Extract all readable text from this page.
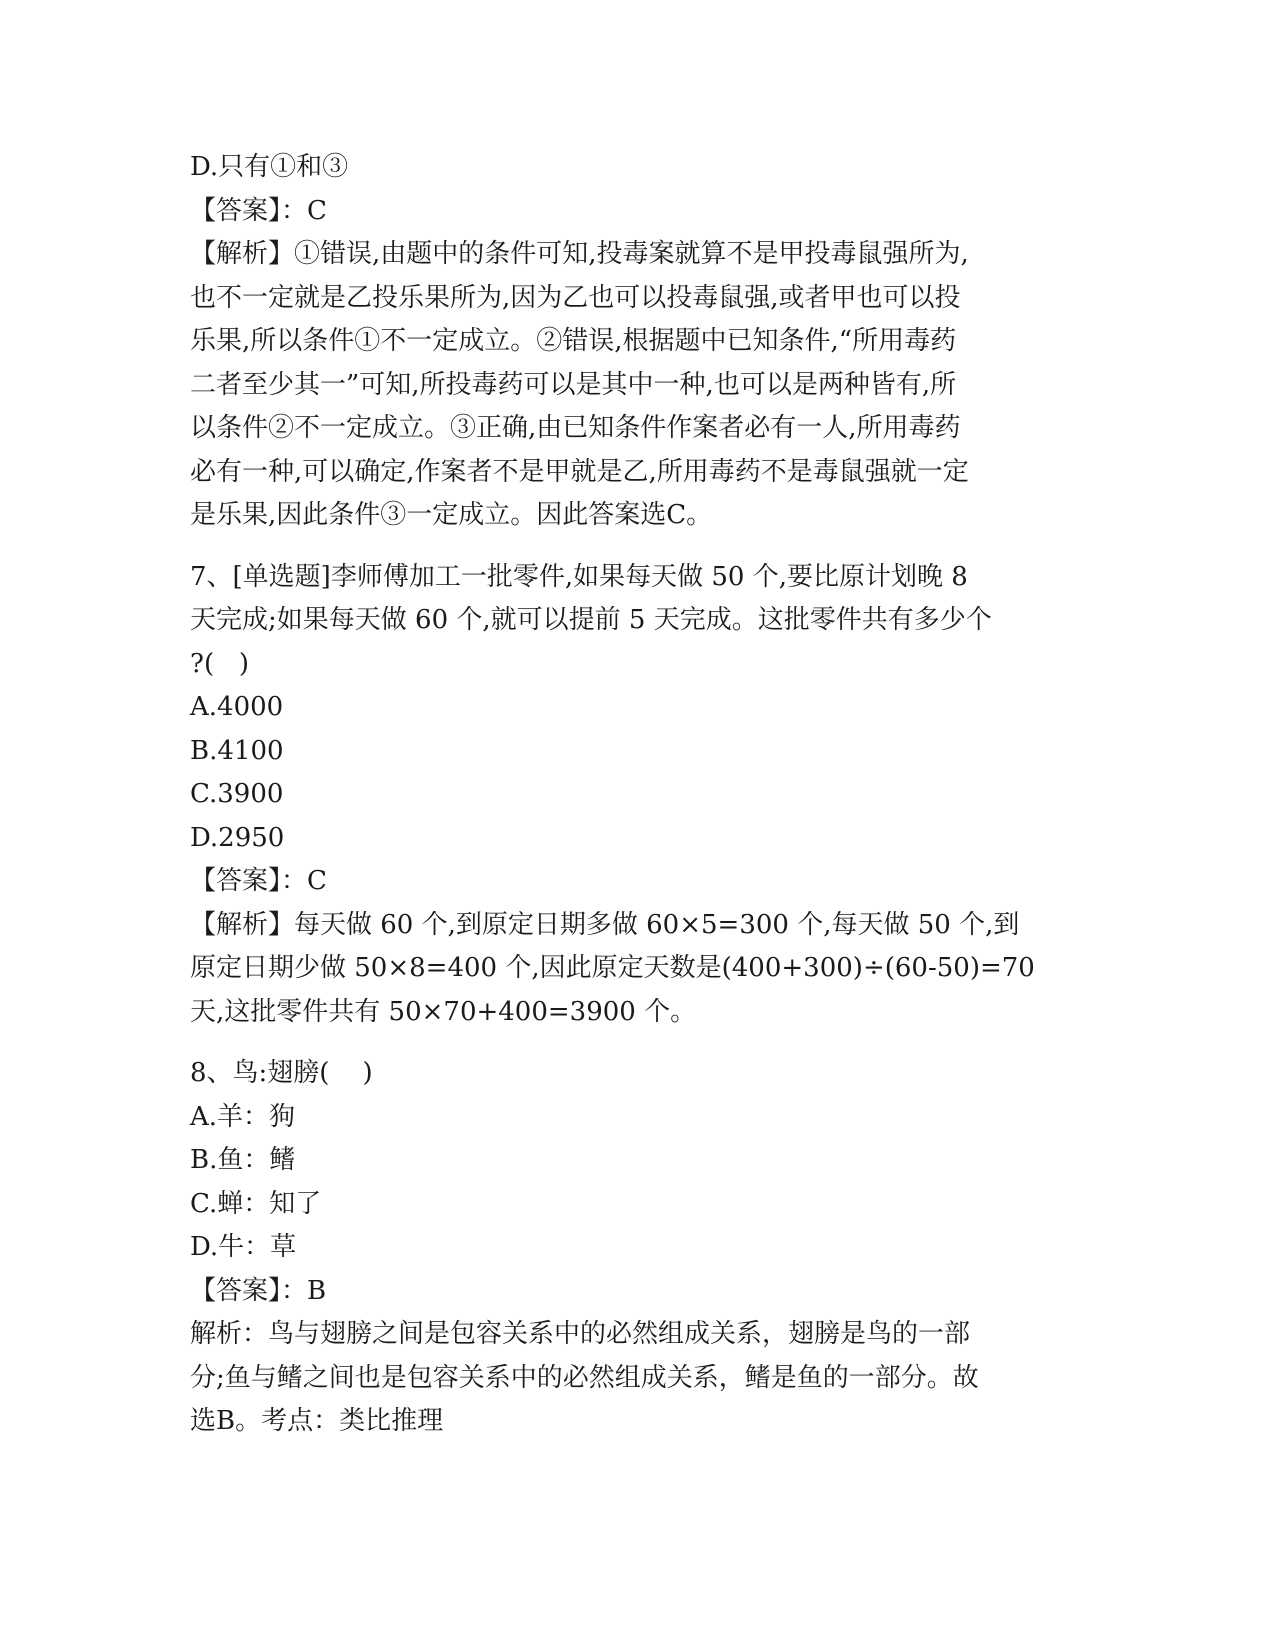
D.只有①和③
【答案】：C
【解析】①错误,由题中的条件可知,投毒案就算不是甲投毒鼠强所为,
也不一定就是乙投乐果所为,因为乙也可以投毒鼠强,或者甲也可以投
乐果,所以条件①不一定成立。②错误,根据题中已知条件,“所用毒药
二者至少其一”可知,所投毒药可以是其中一种,也可以是两种皆有,所
以条件②不一定成立。③正确,由已知条件作案者必有一人,所用毒药
必有一种,可以确定,作案者不是甲就是乙,所用毒药不是毒鼠强就一定
是乐果,因此条件③一定成立。因此答案选C。
7、[单选题]李师傅加工一批零件,如果每天做 50 个,要比原计划晚 8
天完成;如果每天做 60 个,就可以提前 5 天完成。这批零件共有多少个
?(   )
A.4000
B.4100
C.3900
D.2950
【答案】：C
【解析】每天做 60 个,到原定日期多做 60×5=300 个,每天做 50 个,到
原定日期少做 50×8=400 个,因此原定天数是(400+300)÷(60-50)=70
天,这批零件共有 50×70+400=3900 个。
8、鸟:翅膀(    )
A.羊：狗
B.鱼：鳍
C.蝉：知了
D.牛：草
【答案】：B
解析：鸟与翅膀之间是包容关系中的必然组成关系，翅膀是鸟的一部
分;鱼与鳍之间也是包容关系中的必然组成关系，鳍是鱼的一部分。故
选B。考点：类比推理
